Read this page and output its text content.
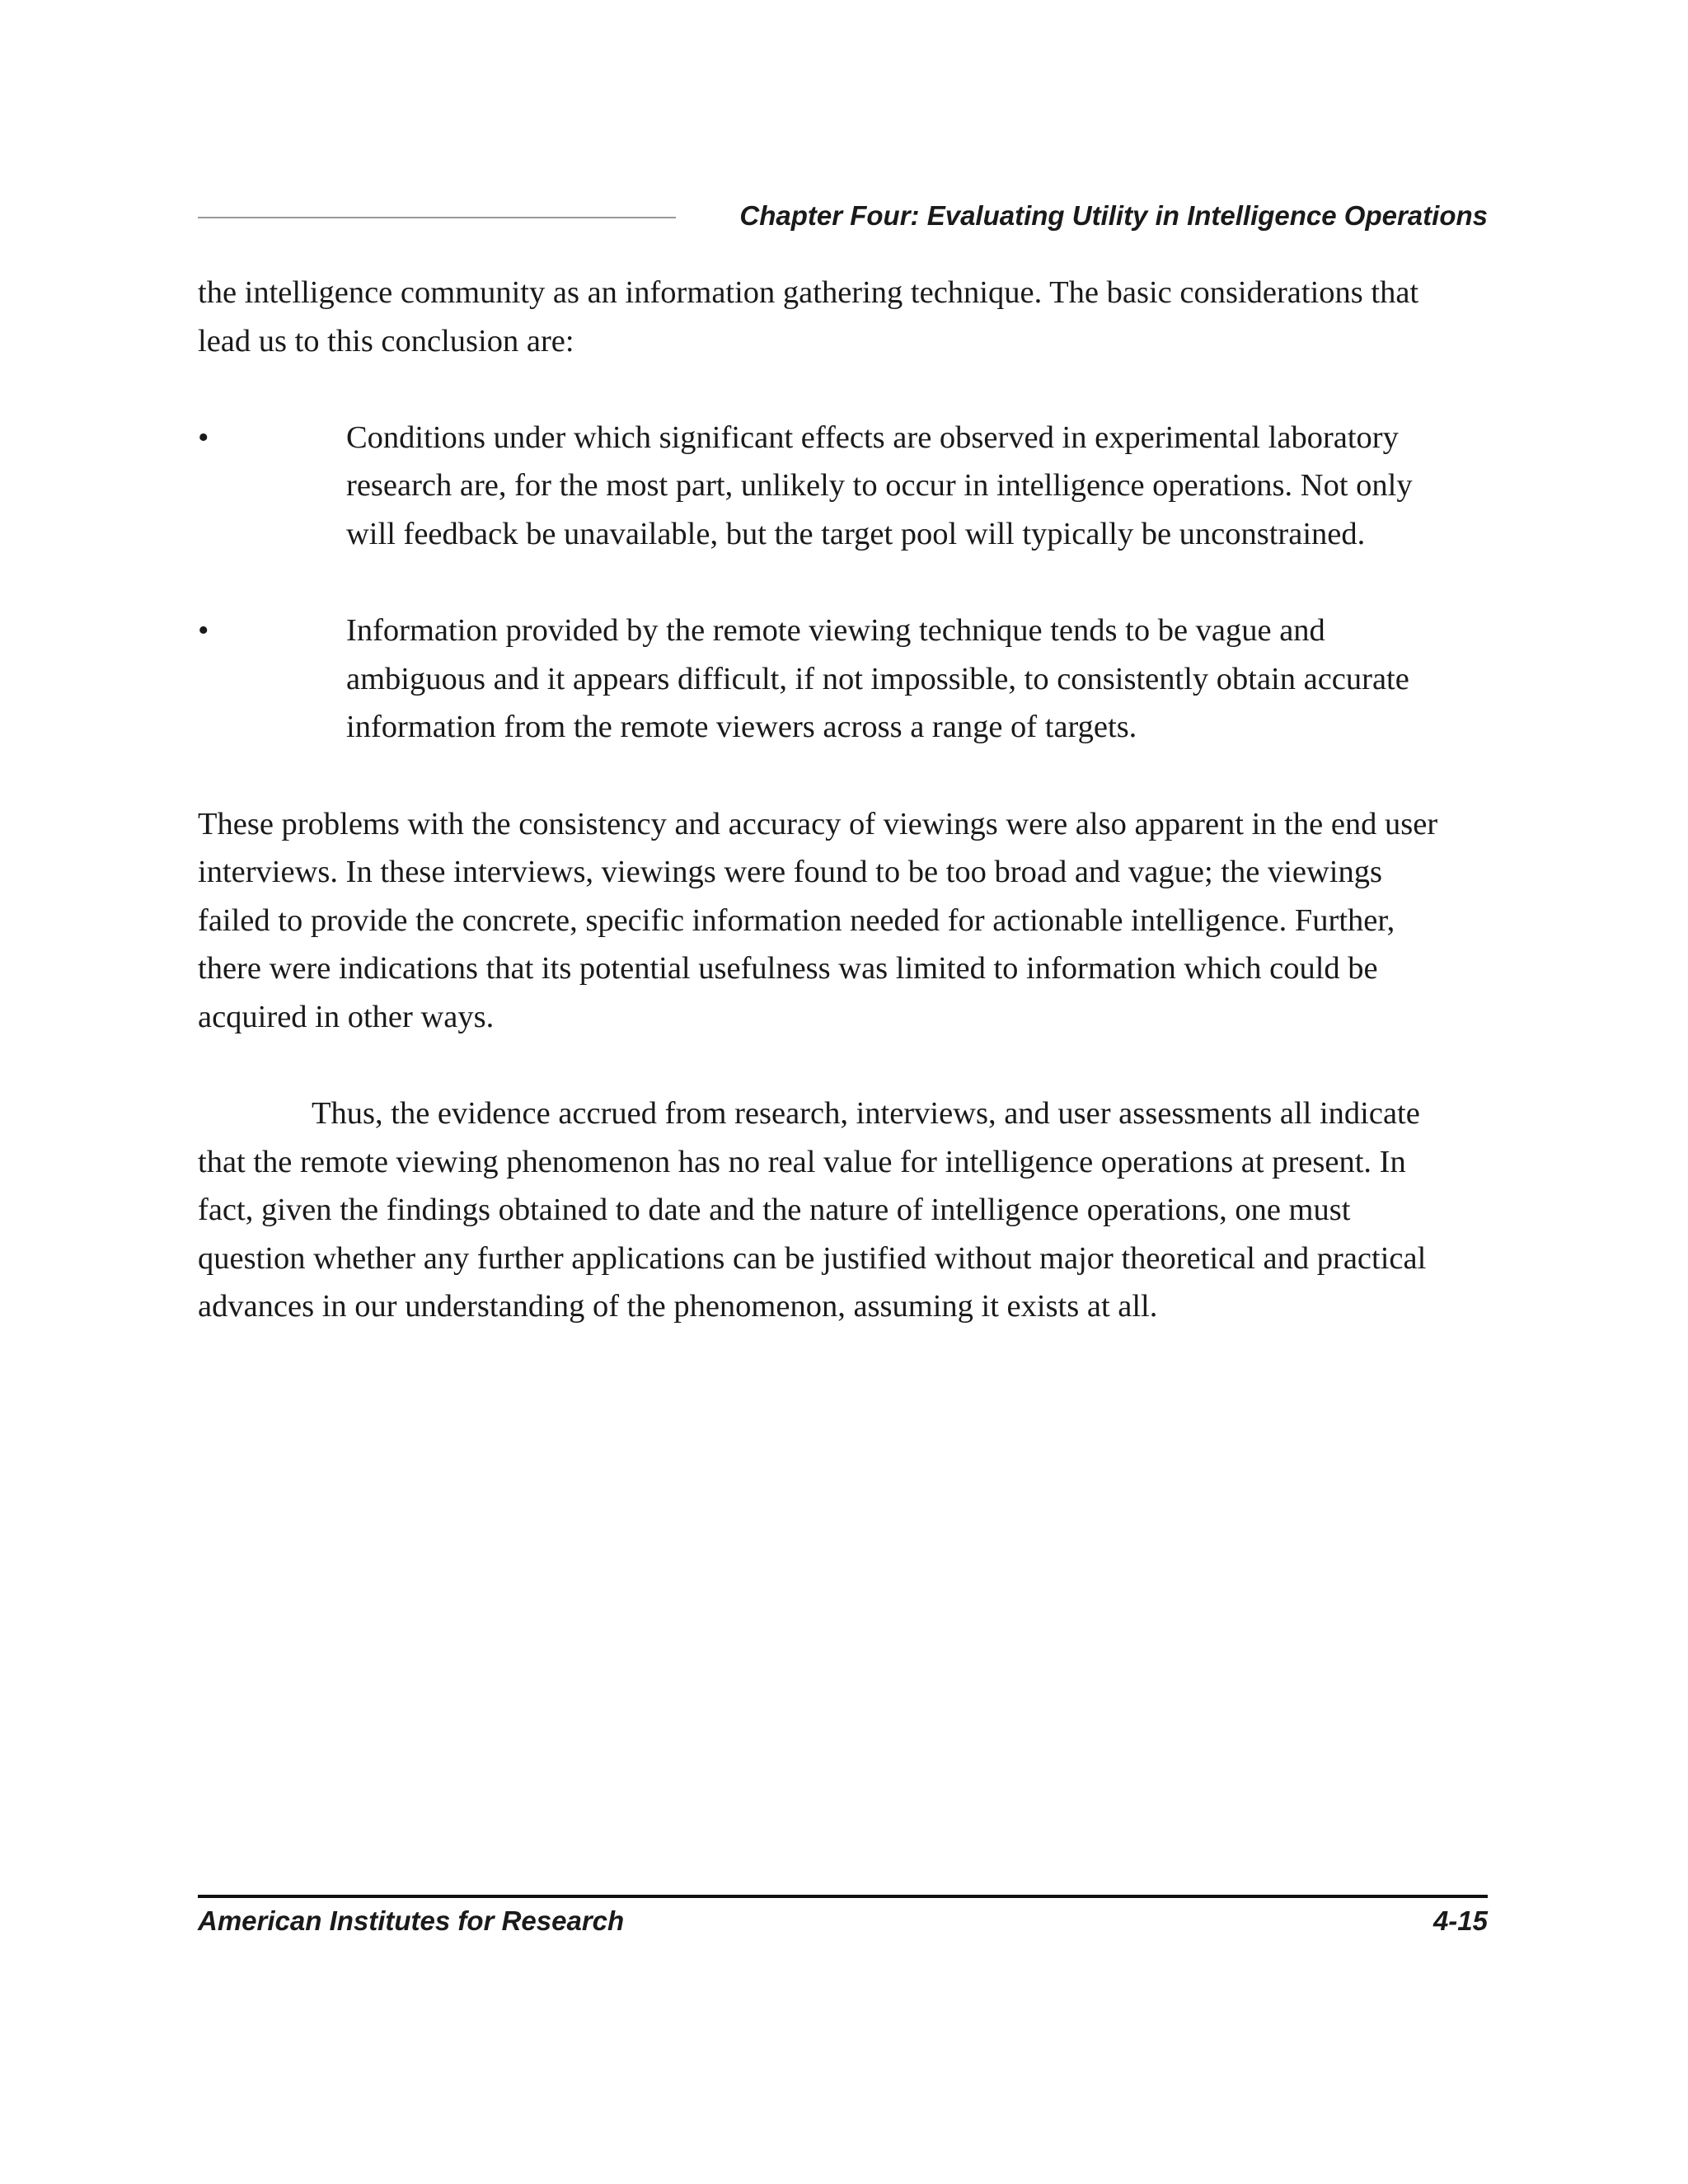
Chapter Four: Evaluating Utility in Intelligence Operations

the intelligence community as an information gathering technique. The basic considerations that
lead us to this conclusion are:

•	Conditions under which significant effects are observed in experimental laboratory
research are, for the most part, unlikely to occur in intelligence operations. Not only
will feedback be unavailable, but the target pool will typically be unconstrained.
•	Information provided by the remote viewing technique tends to be vague and
ambiguous and it appears difficult, if not impossible, to consistently obtain accurate
information from the remote viewers across a range of targets.

These problems with the consistency and accuracy of viewings were also apparent in the end user
interviews. In these interviews, viewings were found to be too broad and vague; the viewings
failed to provide the concrete, specific information needed for actionable intelligence. Further,
there were indications that its potential usefulness was limited to information which could be
acquired in other ways.

Thus, the evidence accrued from research, interviews, and user assessments all indicate
that the remote viewing phenomenon has no real value for intelligence operations at present. In
fact, given the findings obtained to date and the nature of intelligence operations, one must
question whether any further applications can be justified without major theoretical and practical
advances in our understanding of the phenomenon, assuming it exists at all.

American Institutes for Research	4-15
